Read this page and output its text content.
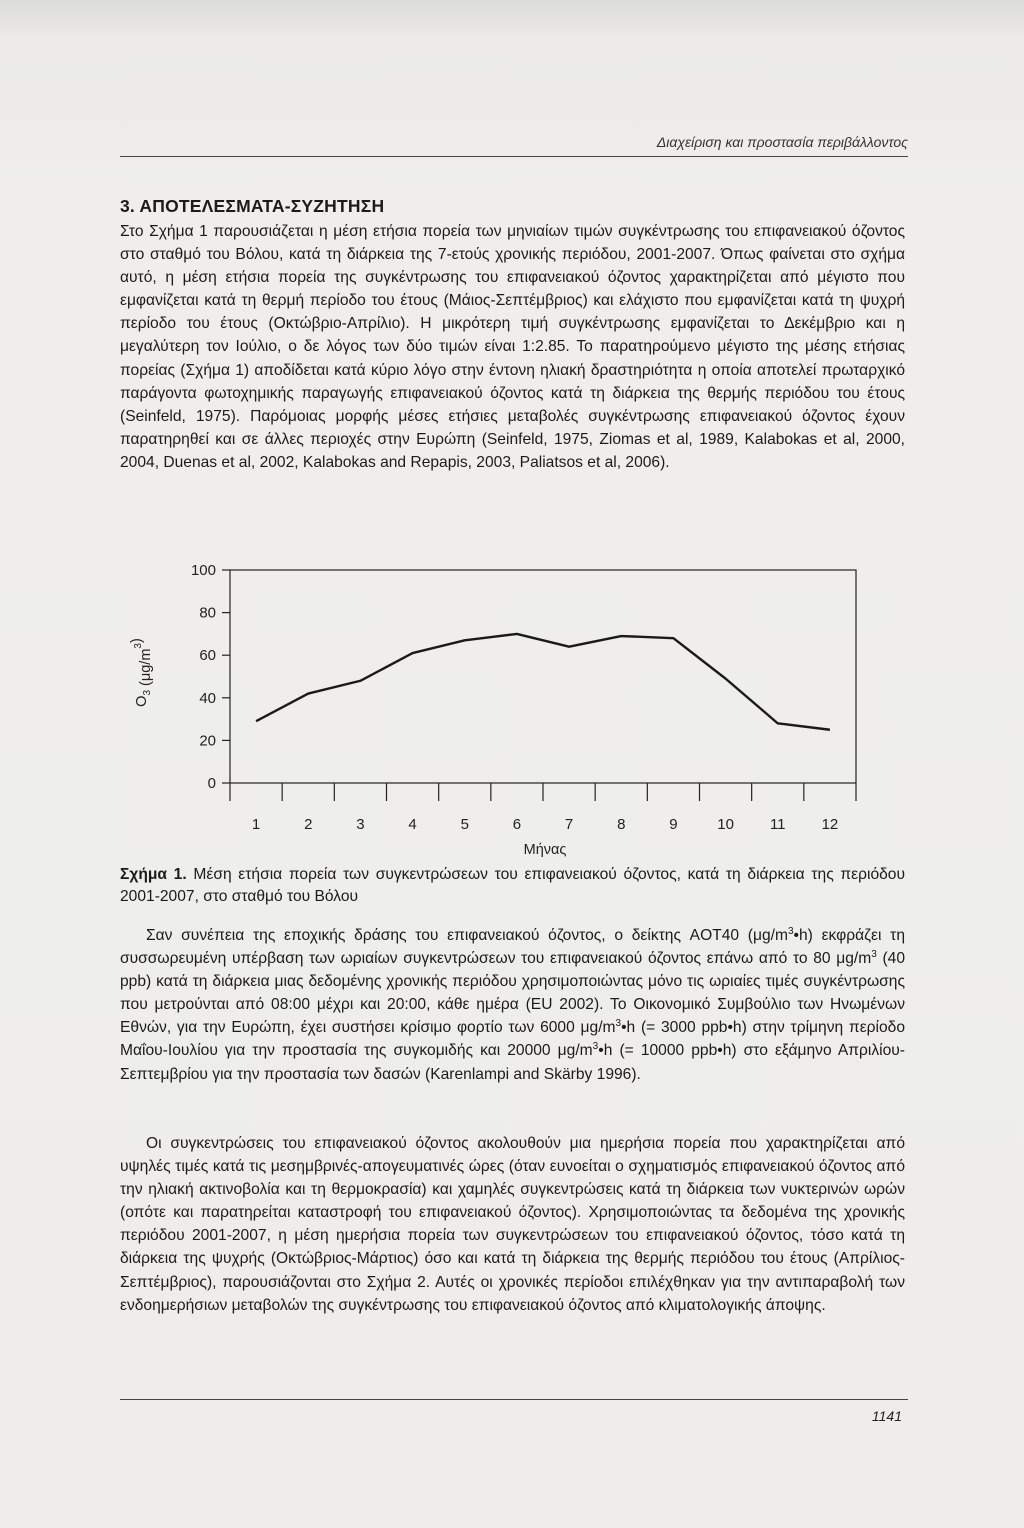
Διαχείριση και προστασία περιβάλλοντος
3. ΑΠΟΤΕΛΕΣΜΑΤΑ-ΣΥΖΗΤΗΣΗ

Στο Σχήμα 1 παρουσιάζεται η μέση ετήσια πορεία των μηνιαίων τιμών συγκέντρωσης του επιφανειακού όζοντος στο σταθμό του Βόλου, κατά τη διάρκεια της 7-ετούς χρονικής περιόδου, 2001-2007. Όπως φαίνεται στο σχήμα αυτό, η μέση ετήσια πορεία της συγκέντρωσης του επιφανειακού όζοντος χαρακτηρίζεται από μέγιστο που εμφανίζεται κατά τη θερμή περίοδο του έτους (Μάιος-Σεπτέμβριος) και ελάχιστο που εμφανίζεται κατά τη ψυχρή περίοδο του έτους (Οκτώβριο-Απρίλιο). Η μικρότερη τιμή συγκέντρωσης εμφανίζεται το Δεκέμβριο και η μεγαλύτερη τον Ιούλιο, ο δε λόγος των δύο τιμών είναι 1:2.85. Το παρατηρούμενο μέγιστο της μέσης ετήσιας πορείας (Σχήμα 1) αποδίδεται κατά κύριο λόγο στην έντονη ηλιακή δραστηριότητα η οποία αποτελεί πρωταρχικό παράγοντα φωτοχημικής παραγωγής επιφανειακού όζοντος κατά τη διάρκεια της θερμής περιόδου του έτους (Seinfeld, 1975). Παρόμοιας μορφής μέσες ετήσιες μεταβολές συγκέντρωσης επιφανειακού όζοντος έχουν παρατηρηθεί και σε άλλες περιοχές στην Ευρώπη (Seinfeld, 1975, Ziomas et al, 1989, Kalabokas et al, 2000, 2004, Duenas et al, 2002, Kalabokas and Repapis, 2003, Paliatsos et al, 2006).

0
20
40
60
80
100
1	2	3	4	5	6	7	8	9	10 11 12
Μήνας
$O_3$ $(\mu g/m^3)$
Σχήμα 1. Μέση ετήσια πορεία των συγκεντρώσεων του επιφανειακού όζοντος, κατά τη διάρκεια της περιόδου 2001-2007, στο σταθμό του Βόλου

Σαν συνέπεια της εποχικής δράσης του επιφανειακού όζοντος, ο δείκτης AOT40 $(\mu g/m^3•h)$ εκφράζει τη συσσωρευμένη υπέρβαση των ωριαίων συγκεντρώσεων του επιφανειακού όζοντος επάνω από το 80 $\mu g/m^3$ (40 ppb) κατά τη διάρκεια μιας δεδομένης χρονικής περιόδου χρησιμοποιώντας μόνο τις ωριαίες τιμές συγκέντρωσης που μετρούνται από 08:00 μέχρι και 20:00, κάθε ημέρα (EU 2002). Το Οικονομικό Συμβούλιο των Ηνωμένων Εθνών, για την Ευρώπη, έχει συστήσει κρίσιμο φορτίο των 6000 $\mu g/m^3•h$ (= 3000 ppb•h) στην τρίμηνη περίοδο Μαΐου-Ιουλίου για την προστασία της συγκομιδής και 20000 $\mu g/m^3•h$ (= 10000 ppb•h) στο εξάμηνο Απριλίου-Σεπτεμβρίου για την προστασία των δασών (Karenlampi and Skärby 1996).

Οι συγκεντρώσεις του επιφανειακού όζοντος ακολουθούν μια ημερήσια πορεία που χαρακτηρίζεται από υψηλές τιμές κατά τις μεσημβρινές-απογευματινές ώρες (όταν ευνοείται ο σχηματισμός επιφανειακού όζοντος από την ηλιακή ακτινοβολία και τη θερμοκρασία) και χαμηλές συγκεντρώσεις κατά τη διάρκεια των νυκτερινών ωρών (οπότε και παρατηρείται καταστροφή του επιφανειακού όζοντος). Χρησιμοποιώντας τα δεδομένα της χρονικής περιόδου 2001-2007, η μέση ημερήσια πορεία των συγκεντρώσεων του επιφανειακού όζοντος, τόσο κατά τη διάρκεια της ψυχρής (Οκτώβριος-Μάρτιος) όσο και κατά τη διάρκεια της θερμής περιόδου του έτους (Απρίλιος-Σεπτέμβριος), παρουσιάζονται στο Σχήμα 2. Αυτές οι χρονικές περίοδοι επιλέχθηκαν για την αντιπαραβολή των ενδοημερήσιων μεταβολών της συγκέντρωσης του επιφανειακού όζοντος από κλιματολογικής άποψης.

1141
